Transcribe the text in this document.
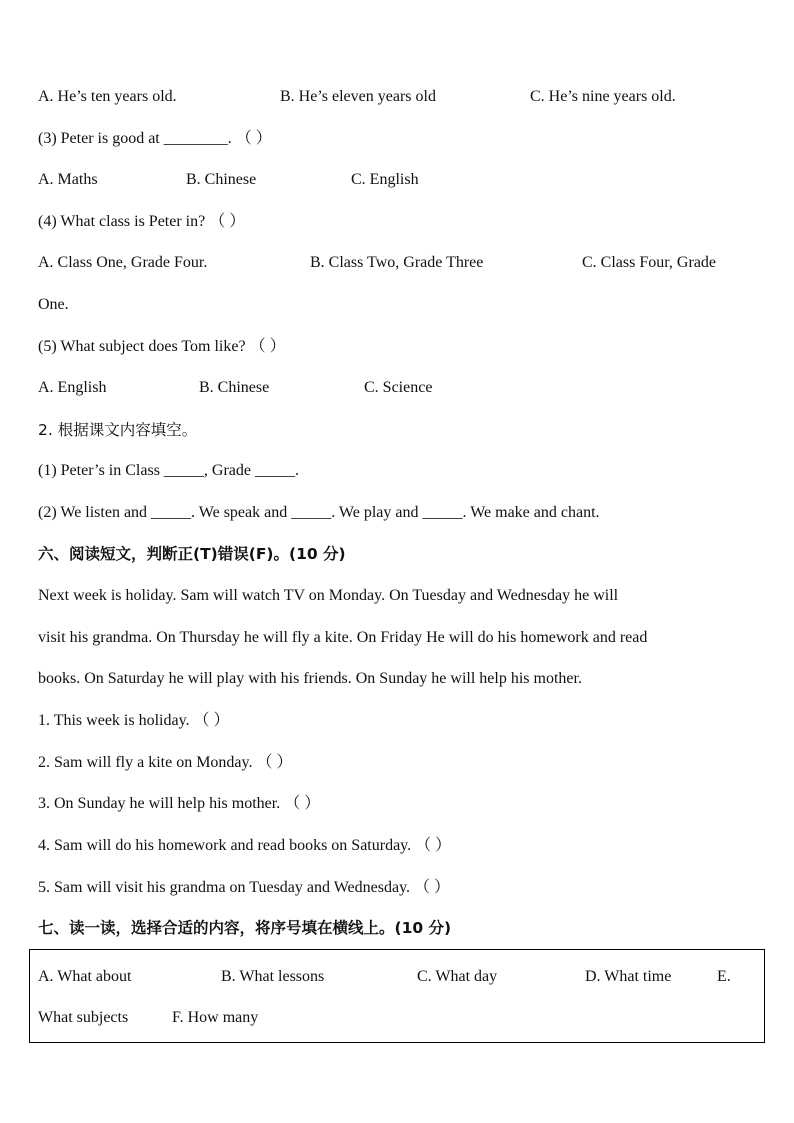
A. He’s ten years old.	B. He’s eleven years old	C. He’s nine years old.
(3) Peter is good at ________. （ ）
A. Maths	B. Chinese	C. English
(4) What class is Peter in? （ ）
A. Class One, Grade Four.	B. Class Two, Grade Three	C. Class Four, Grade
One.
(5) What subject does Tom like? （ ）
A. English	B. Chinese	C. Science
2. 根据课文内容填空。
(1) Peter’s in Class _____, Grade _____.
(2) We listen and _____. We speak and _____. We play and _____. We make and chant.
六、阅读短文，判断正(T)错误(F)。(10 分)
Next week is holiday. Sam will watch TV on Monday. On Tuesday and Wednesday he will
visit his grandma. On Thursday he will fly a kite. On Friday He will do his homework and read
books. On Saturday he will play with his friends. On Sunday he will help his mother.
1. This week is holiday. （ ）
2. Sam will fly a kite on Monday. （ ）
3. On Sunday he will help his mother. （ ）
4. Sam will do his homework and read books on Saturday. （ ）
5. Sam will visit his grandma on Tuesday and Wednesday. （ ）
七、读一读，选择合适的内容，将序号填在横线上。(10 分)
A. What about	B. What lessons	C. What day	D. What time	E.
What subjects	F. How many
